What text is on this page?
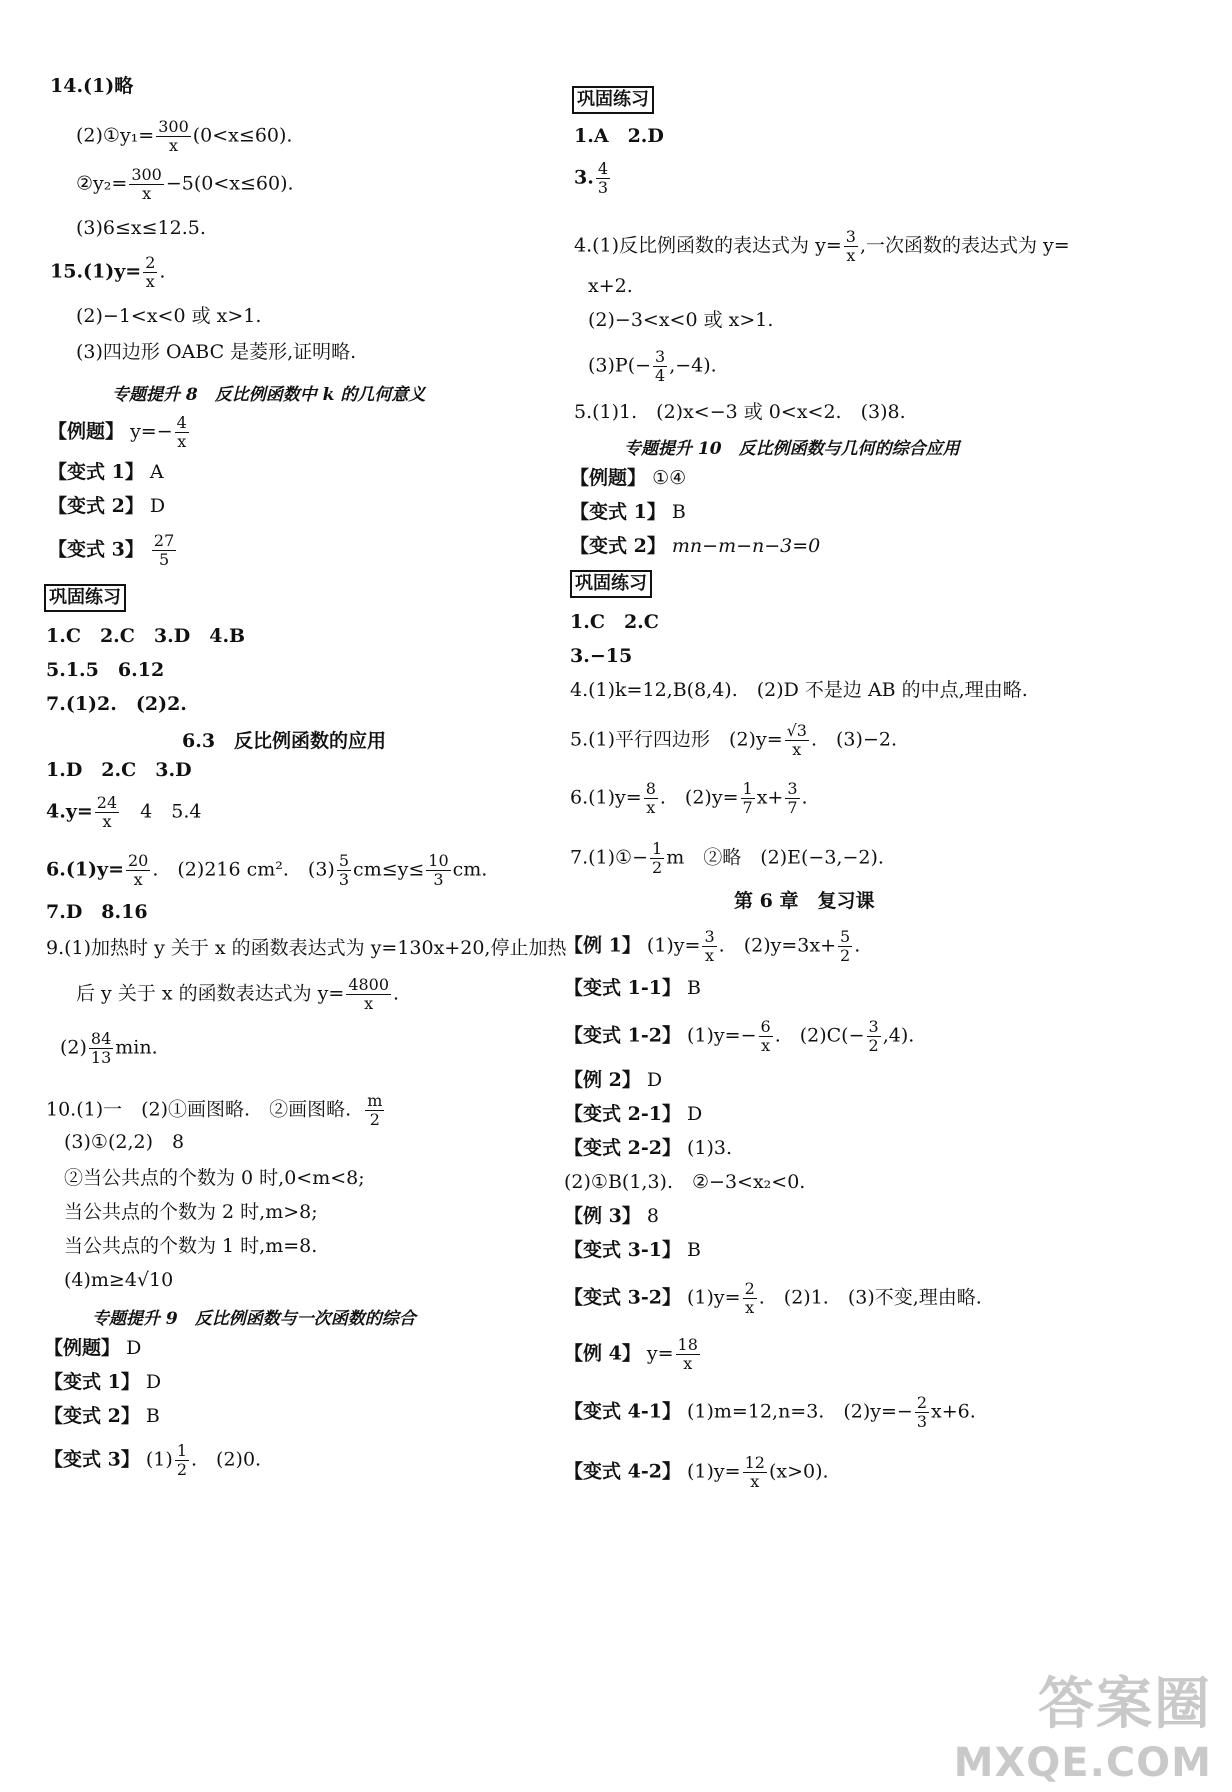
14.(1)略
(2)①y₁= $\frac{300}{x} (0<x\le 60)$.
②y₂= $\frac{300}{x} -5(0<x\le 60)$.
(3)6≤x≤12.5.
$15.(1)y= \frac{2}{x}$ .
(2)−1<x<0 或 x>1.
(3)四边形 OABC 是菱形,证明略.
专题提升 8　反比例函数中 k 的几何意义
【例题】 $y=- \frac{4}{x}$
【变式 1】 A
【变式 2】 D
【变式 3】 $\frac{27}{5}$
巩固练习
1.C　2.C　3.D　4.B
5.1.5　6.12
7.(1)2.　(2)2.
6.3　反比例函数的应用
1.D　2.C　3.D
$4.y= \frac{24}{x}$ 　4　5.4
$6.(1)y= \frac{20}{x}$ .　(2)216 cm².　$(3) \frac{5}{3} cm\le y\le \frac{10}{3}$ cm.
7.D　8.16
9.(1)加热时 y 关于 x 的函数表达式为 y=130x+20,停止加热
后 y 关于 x 的函数表达式为 $y= \frac{4800}{x}$ .
$(2) \frac{84}{13} \min$.
10.(1)一　(2)①画图略.　②画图略. $\frac{m}{2}$
(3)①(2,2)　8
②当公共点的个数为 0 时,0<m<8;
当公共点的个数为 2 时,m>8;
当公共点的个数为 1 时,m=8.
(4)m≥4√10
专题提升 9　反比例函数与一次函数的综合
【例题】 D
【变式 1】 D
【变式 2】 B
【变式 3】 $(1) \frac{1}{2}$ .　(2)0.
巩固练习
1.A　2.D
3. $\frac{4}{3}$
4.(1)反比例函数的表达式为 $y= \frac{3}{x}$ ,一次函数的表达式为 y=
x+2.
(2)−3<x<0 或 x>1.
$(3)P(- \frac{3}{4} ,-4)$.
5.(1)1.　(2)x<−3 或 0<x<2.　(3)8.
专题提升 10　反比例函数与几何的综合应用
【例题】 ①④
【变式 1】 B
【变式 2】 mn−m−n−3=0
巩固练习
1.C　2.C
3.−15
4.(1)k=12,B(8,4).　(2)D 不是边 AB 的中点,理由略.
5.(1)平行四边形　$(2)y= \frac{√3}{x}$ .　(3)−2.
$6.(1)y= \frac{8}{x}$ .　$(2)y= \frac{1}{7} x+ \frac{3}{7}$ .
7.(1)①− $\frac{1}{2}$ m　②略　(2)E(−3,−2).
第 6 章　复习课
【例 1】 $(1)y= \frac{3}{x}$ .　$(2)y=3x+ \frac{5}{2}$ .
【变式 1-1】 B
【变式 1-2】 $(1)y=- \frac{6}{x}$ .　$(2)C(- \frac{3}{2} ,4)$.
【例 2】 D
【变式 2-1】 D
【变式 2-2】 (1)3.
(2)①B(1,3).　②−3<x₂<0.
【例 3】 8
【变式 3-1】 B
【变式 3-2】 $(1)y= \frac{2}{x}$ .　(2)1.　(3)不变,理由略.
【例 4】 $y= \frac{18}{x}$
【变式 4-1】 (1)m=12,n=3.　$(2)y=- \frac{2}{3} x+6$.
【变式 4-2】 $(1)y= \frac{12}{x} (x>0)$.
答案圈
MXQE.COM
